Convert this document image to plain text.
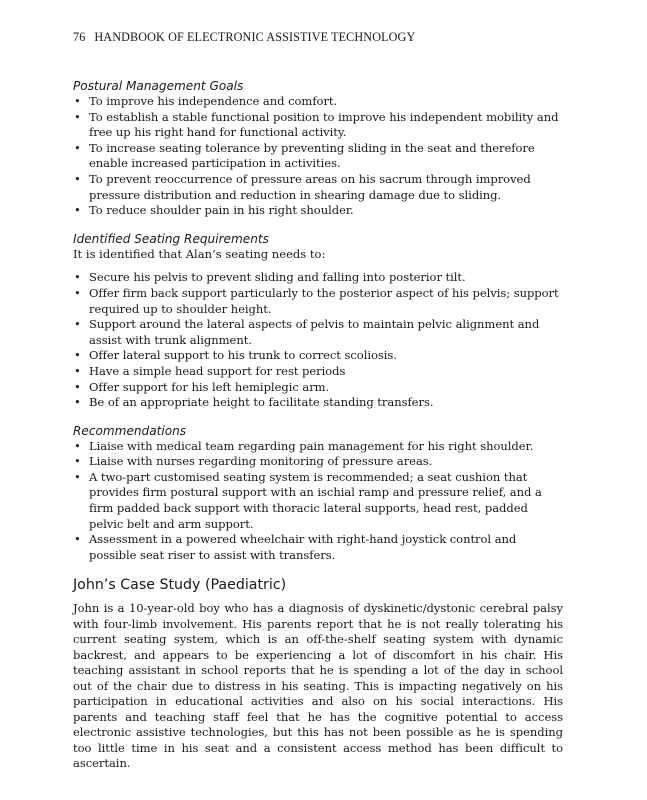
76 HANDBOOK OF ELECTRONIC ASSISTIVE TECHNOLOGY
Postural Management Goals
• To improve his independence and comfort.
• To establish a stable functional position to improve his independent mobility and free up his right hand for functional activity.
• To increase seating tolerance by preventing sliding in the seat and therefore enable increased participation in activities.
• To prevent reoccurrence of pressure areas on his sacrum through improved pressure distribution and reduction in shearing damage due to sliding.
• To reduce shoulder pain in his right shoulder.
Identified Seating Requirements

It is identified that Alan’s seating needs to:

• Secure his pelvis to prevent sliding and falling into posterior tilt.
• Offer firm back support particularly to the posterior aspect of his pelvis; support required up to shoulder height.
• Support around the lateral aspects of pelvis to maintain pelvic alignment and assist with trunk alignment.
• Offer lateral support to his trunk to correct scoliosis.
• Have a simple head support for rest periods
• Offer support for his left hemiplegic arm.
• Be of an appropriate height to facilitate standing transfers.
Recommendations
• Liaise with medical team regarding pain management for his right shoulder.
• Liaise with nurses regarding monitoring of pressure areas.
• A two-part customised seating system is recommended; a seat cushion that provides firm postural support with an ischial ramp and pressure relief, and a firm padded back support with thoracic lateral supports, head rest, padded pelvic belt and arm support.
• Assessment in a powered wheelchair with right-hand joystick control and possible seat riser to assist with transfers.
John’s Case Study (Paediatric)

John is a 10-year-old boy who has a diagnosis of dyskinetic/dystonic cerebral palsy with four-limb involvement. His parents report that he is not really tolerating his current seating system, which is an off-the-shelf seating system with dynamic backrest, and appears to be experiencing a lot of discomfort in his chair. His teaching assistant in school reports that he is spending a lot of the day in school out of the chair due to distress in his seating. This is impacting negatively on his participation in educational activities and also on his social interactions. His parents and teaching staff feel that he has the cognitive potential to access electronic assistive technologies, but this has not been possible as he is spending too little time in his seat and a consistent access method has been difficult to ascertain.
